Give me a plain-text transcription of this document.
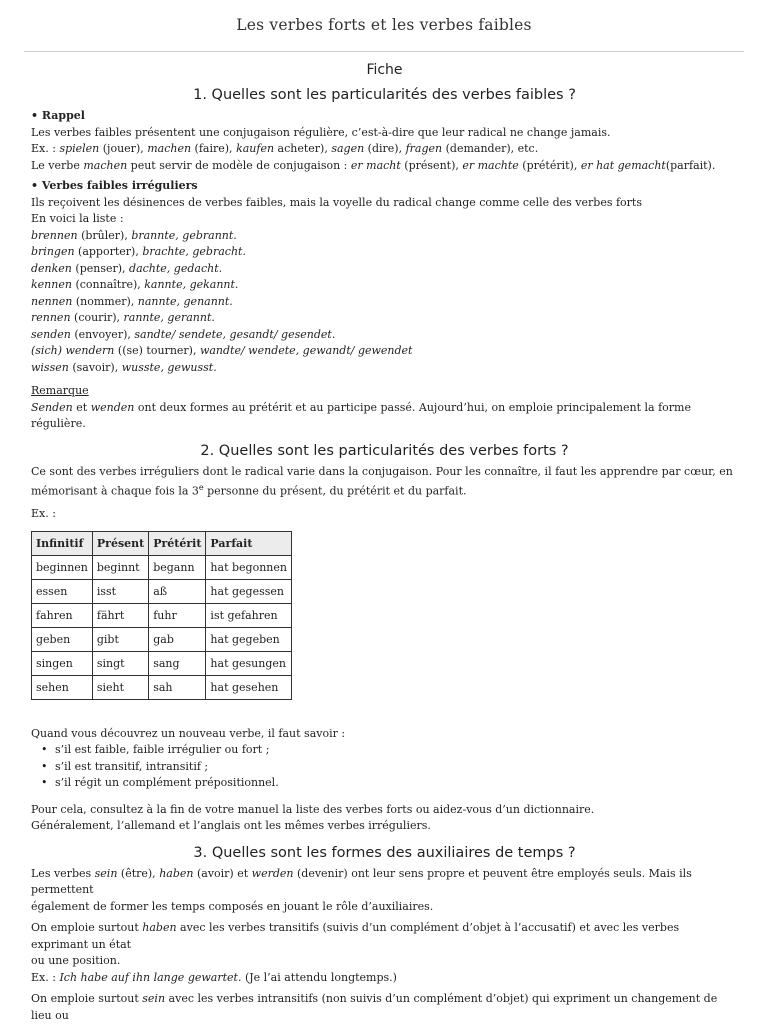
Les verbes forts et les verbes faibles
Fiche
1. Quelles sont les particularités des verbes faibles ?

• Rappel

Les verbes faibles présentent une conjugaison régulière, c’est-à-dire que leur radical ne change jamais.

Ex. : spielen (jouer), machen (faire), kaufen acheter), sagen (dire), fragen (demander), etc.

Le verbe machen peut servir de modèle de conjugaison : er macht (présent), er machte (prétérit), er hat gemacht(parfait).

• Verbes faibles irréguliers

Ils reçoivent les désinences de verbes faibles, mais la voyelle du radical change comme celle des verbes forts

En voici la liste :

brennen (brûler), brannte, gebrannt.

bringen (apporter), brachte, gebracht.

denken (penser), dachte, gedacht.

kennen (connaître), kannte, gekannt.

nennen (nommer), nannte, genannt.

rennen (courir), rannte, gerannt.

senden (envoyer), sandte/ sendete, gesandt/ gesendet.

(sich) wendern ((se) tourner), wandte/ wendete, gewandt/ gewendet

wissen (savoir), wusste, gewusst.

Remarque

Senden et wenden ont deux formes au prétérit et au participe passé. Aujourd’hui, on emploie principalement la forme régulière.

2. Quelles sont les particularités des verbes forts ?

Ce sont des verbes irréguliers dont le radical varie dans la conjugaison. Pour les connaître, il faut les apprendre par cœur, en

mémorisant à chaque fois la 3e personne du présent, du prétérit et du parfait.

Ex. :

Infinitif	Présent	Prétérit	Parfait
beginnen	beginnt	begann	hat begonnen
essen	isst	aß	hat gegessen
fahren	fährt	fuhr	ist gefahren
geben	gibt	gab	hat gegeben
singen	singt	sang	hat gesungen
sehen	sieht	sah	hat gesehen

Quand vous découvrez un nouveau verbe, il faut savoir :

• s’il est faible, faible irrégulier ou fort ;
• s’il est transitif, intransitif ;
• s’il régit un complément prépositionnel.

Pour cela, consultez à la fin de votre manuel la liste des verbes forts ou aidez-vous d’un dictionnaire.

Généralement, l’allemand et l’anglais ont les mêmes verbes irréguliers.

3. Quelles sont les formes des auxiliaires de temps ?

Les verbes sein (être), haben (avoir) et werden (devenir) ont leur sens propre et peuvent être employés seuls. Mais ils permettent

également de former les temps composés en jouant le rôle d’auxiliaires.

On emploie surtout haben avec les verbes transitifs (suivis d’un complément d’objet à l’accusatif) et avec les verbes exprimant un état

ou une position.

Ex. : Ich habe auf ihn lange gewartet. (Je l’ai attendu longtemps.)

On emploie surtout sein avec les verbes intransitifs (non suivis d’un complément d’objet) qui expriment un changement de lieu ou
